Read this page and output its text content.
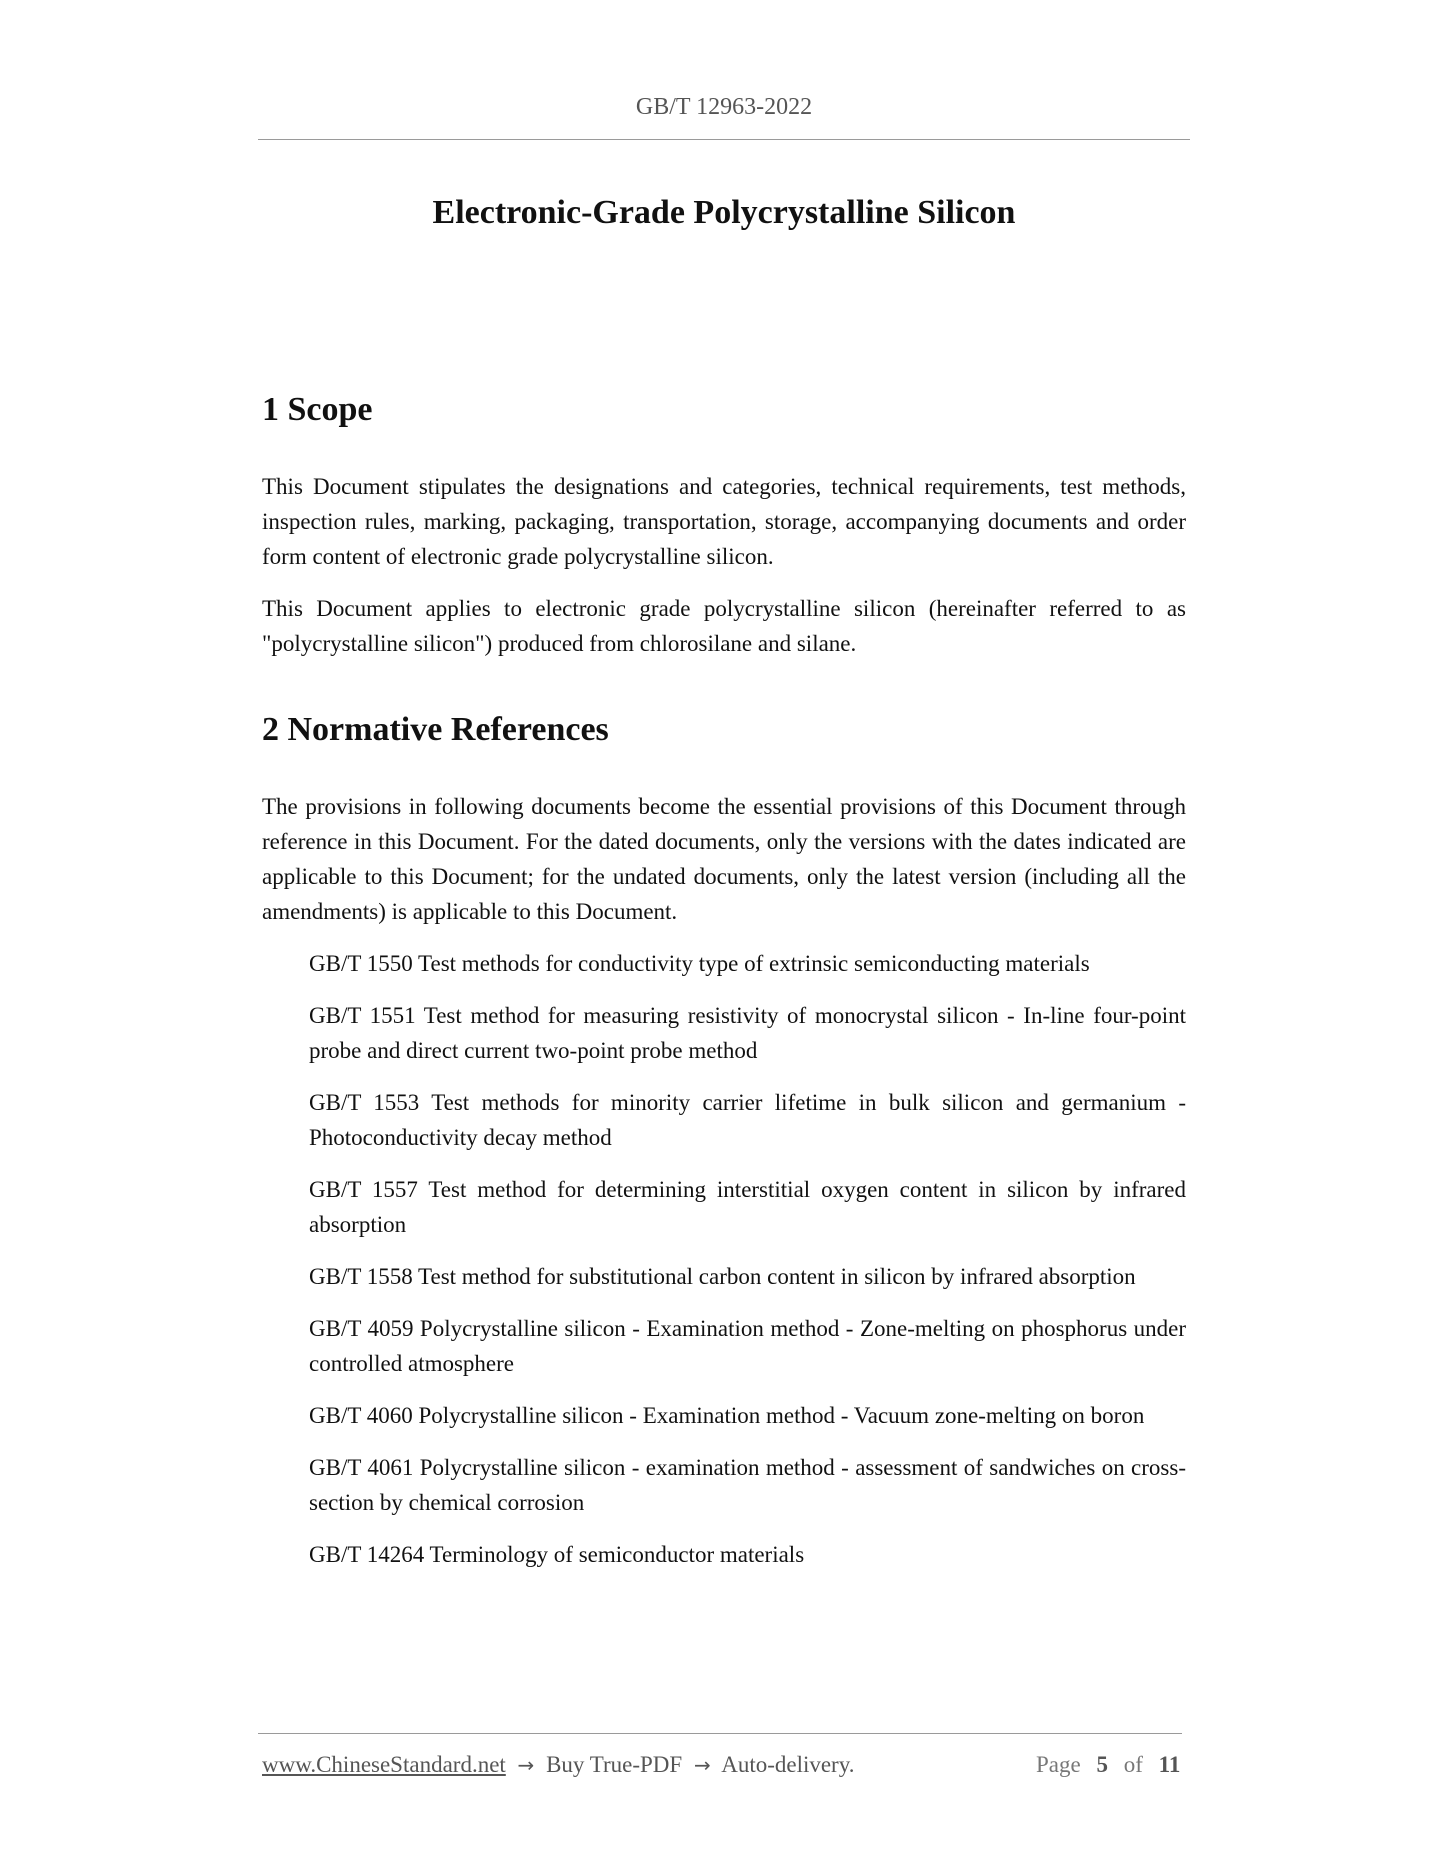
GB/T 12963-2022
Electronic-Grade Polycrystalline Silicon
1 Scope

This Document stipulates the designations and categories, technical requirements, test methods, inspection rules, marking, packaging, transportation, storage, accompanying documents and order form content of electronic grade polycrystalline silicon.

This Document applies to electronic grade polycrystalline silicon (hereinafter referred to as "polycrystalline silicon") produced from chlorosilane and silane.

2 Normative References

The provisions in following documents become the essential provisions of this Document through reference in this Document. For the dated documents, only the versions with the dates indicated are applicable to this Document; for the undated documents, only the latest version (including all the amendments) is applicable to this Document.

GB/T 1550 Test methods for conductivity type of extrinsic semiconducting materials
GB/T 1551 Test method for measuring resistivity of monocrystal silicon - In-line four-point probe and direct current two-point probe method
GB/T 1553 Test methods for minority carrier lifetime in bulk silicon and germanium - Photoconductivity decay method
GB/T 1557 Test method for determining interstitial oxygen content in silicon by infrared absorption
GB/T 1558 Test method for substitutional carbon content in silicon by infrared absorption
GB/T 4059 Polycrystalline silicon - Examination method - Zone-melting on phosphorus under controlled atmosphere
GB/T 4060 Polycrystalline silicon - Examination method - Vacuum zone-melting on boron
GB/T 4061 Polycrystalline silicon - examination method - assessment of sandwiches on cross-section by chemical corrosion
GB/T 14264 Terminology of semiconductor materials
www.ChineseStandard.net → Buy True-PDF → Auto-delivery.	Page 5 of 11
